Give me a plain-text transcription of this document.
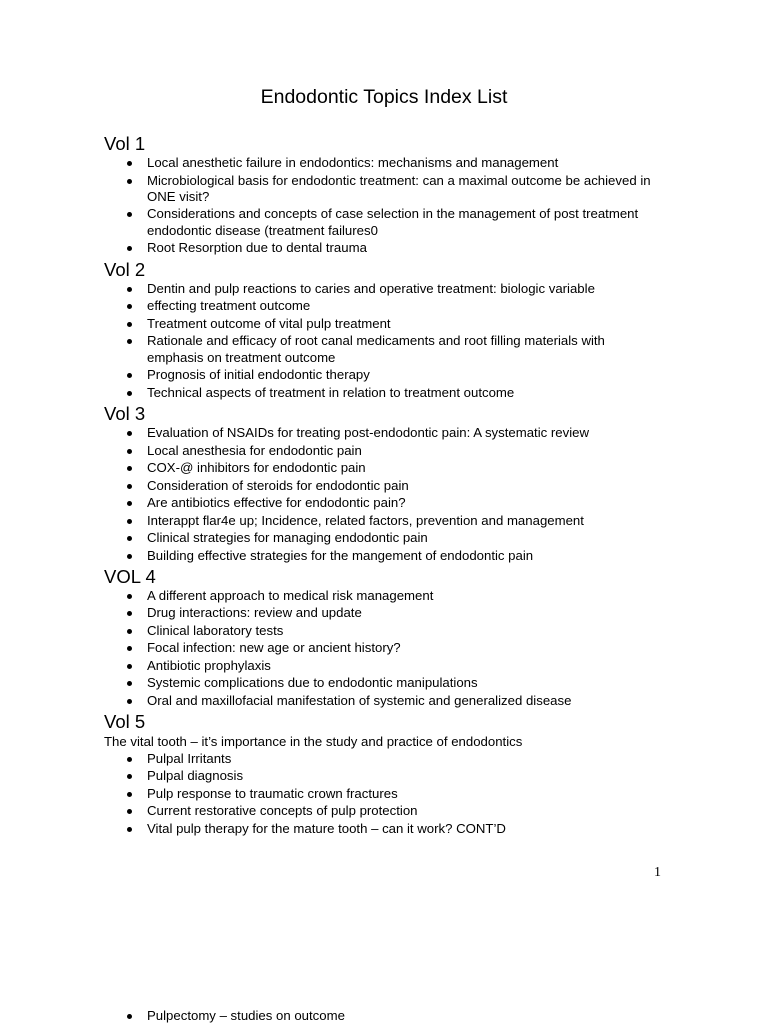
Endodontic Topics Index List
Vol 1
Local anesthetic failure in endodontics: mechanisms and management
Microbiological basis for endodontic treatment: can a maximal outcome be achieved in ONE visit?
Considerations and concepts of case selection in the management of post treatment endodontic disease (treatment failures0
Root Resorption due to dental trauma
Vol 2
Dentin and pulp reactions to caries and operative treatment: biologic variable
effecting treatment outcome
Treatment outcome of vital pulp treatment
Rationale and efficacy of root canal medicaments and root filling materials with emphasis on treatment outcome
Prognosis of initial endodontic therapy
Technical aspects of treatment in relation to treatment outcome
Vol 3
Evaluation of NSAIDs for treating post-endodontic pain: A systematic review
Local anesthesia for endodontic pain
COX-@ inhibitors for endodontic pain
Consideration of steroids for endodontic pain
Are antibiotics effective for endodontic pain?
Interappt flar4e up; Incidence, related factors, prevention and management
Clinical strategies for managing endodontic pain
Building effective strategies for the mangement of endodontic pain
VOL 4
A different approach to medical risk management
Drug interactions: review and update
Clinical laboratory tests
Focal infection: new age or ancient history?
Antibiotic prophylaxis
Systemic complications due to endodontic manipulations
Oral and maxillofacial manifestation of systemic and generalized disease
Vol 5
The vital tooth – it’s importance in the study and practice of endodontics
Pulpal Irritants
Pulpal diagnosis
Pulp response to traumatic crown fractures
Current restorative concepts of pulp protection
Vital pulp therapy for the mature tooth – can it work? CONT’D
1
Pulpectomy – studies on outcome
